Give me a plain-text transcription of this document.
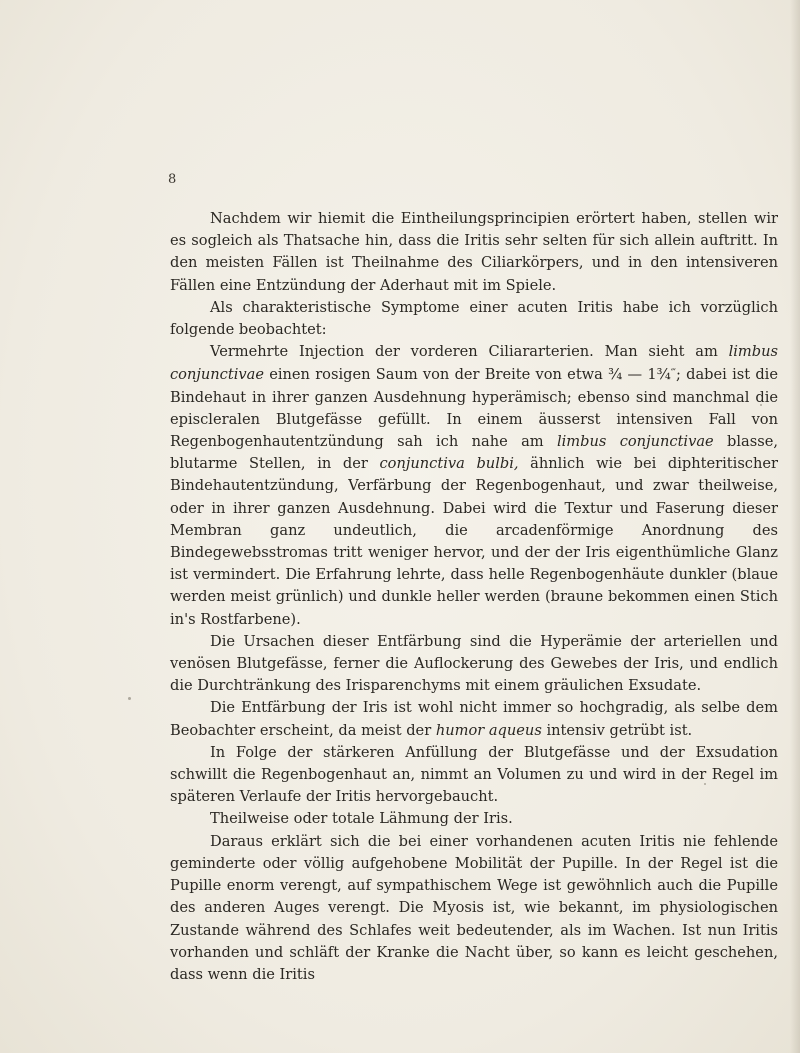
8

Nachdem wir hiemit die Eintheilungsprincipien erörtert haben, stellen wir es sogleich als Thatsache hin, dass die Iritis sehr selten für sich allein auftritt. In den meisten Fällen ist Theilnahme des Ciliarkörpers, und in den intensiveren Fällen eine Entzündung der Aderhaut mit im Spiele.

Als charakteristische Symptome einer acuten Iritis habe ich vorzüglich folgende beobachtet:

Vermehrte Injection der vorderen Ciliararterien. Man sieht am limbus conjunctivae einen rosigen Saum von der Breite von etwa ¾ — 1¾‴; dabei ist die Bindehaut in ihrer ganzen Ausdehnung hyperämisch; ebenso sind manchmal die episcleralen Blutgefässe gefüllt. In einem äusserst intensiven Fall von Regenbogenhautentzündung sah ich nahe am limbus conjunctivae blasse, blutarme Stellen, in der conjunctiva bulbi, ähnlich wie bei diphteritischer Bindehautentzündung, Verfärbung der Regenbogenhaut, und zwar theilweise, oder in ihrer ganzen Ausdehnung. Dabei wird die Textur und Faserung dieser Membran ganz undeutlich, die arcadenförmige Anordnung des Bindegewebsstromas tritt weniger hervor, und der der Iris eigenthümliche Glanz ist vermindert. Die Erfahrung lehrte, dass helle Regenbogenhäute dunkler (blaue werden meist grünlich) und dunkle heller werden (braune bekommen einen Stich in's Rostfarbene).

Die Ursachen dieser Entfärbung sind die Hyperämie der arteriellen und venösen Blutgefässe, ferner die Auflockerung des Gewebes der Iris, und endlich die Durchtränkung des Irisparenchyms mit einem gräulichen Exsudate.

Die Entfärbung der Iris ist wohl nicht immer so hochgradig, als selbe dem Beobachter erscheint, da meist der humor aqueus intensiv getrübt ist.

In Folge der stärkeren Anfüllung der Blutgefässe und der Exsudation schwillt die Regenbogenhaut an, nimmt an Volumen zu und wird in der Regel im späteren Verlaufe der Iritis hervorgebaucht.

Theilweise oder totale Lähmung der Iris.

Daraus erklärt sich die bei einer vorhandenen acuten Iritis nie fehlende geminderte oder völlig aufgehobene Mobilität der Pupille. In der Regel ist die Pupille enorm verengt, auf sympathischem Wege ist gewöhnlich auch die Pupille des anderen Auges verengt. Die Myosis ist, wie bekannt, im physiologischen Zustande während des Schlafes weit bedeutender, als im Wachen. Ist nun Iritis vorhanden und schläft der Kranke die Nacht über, so kann es leicht geschehen, dass wenn die Iritis
